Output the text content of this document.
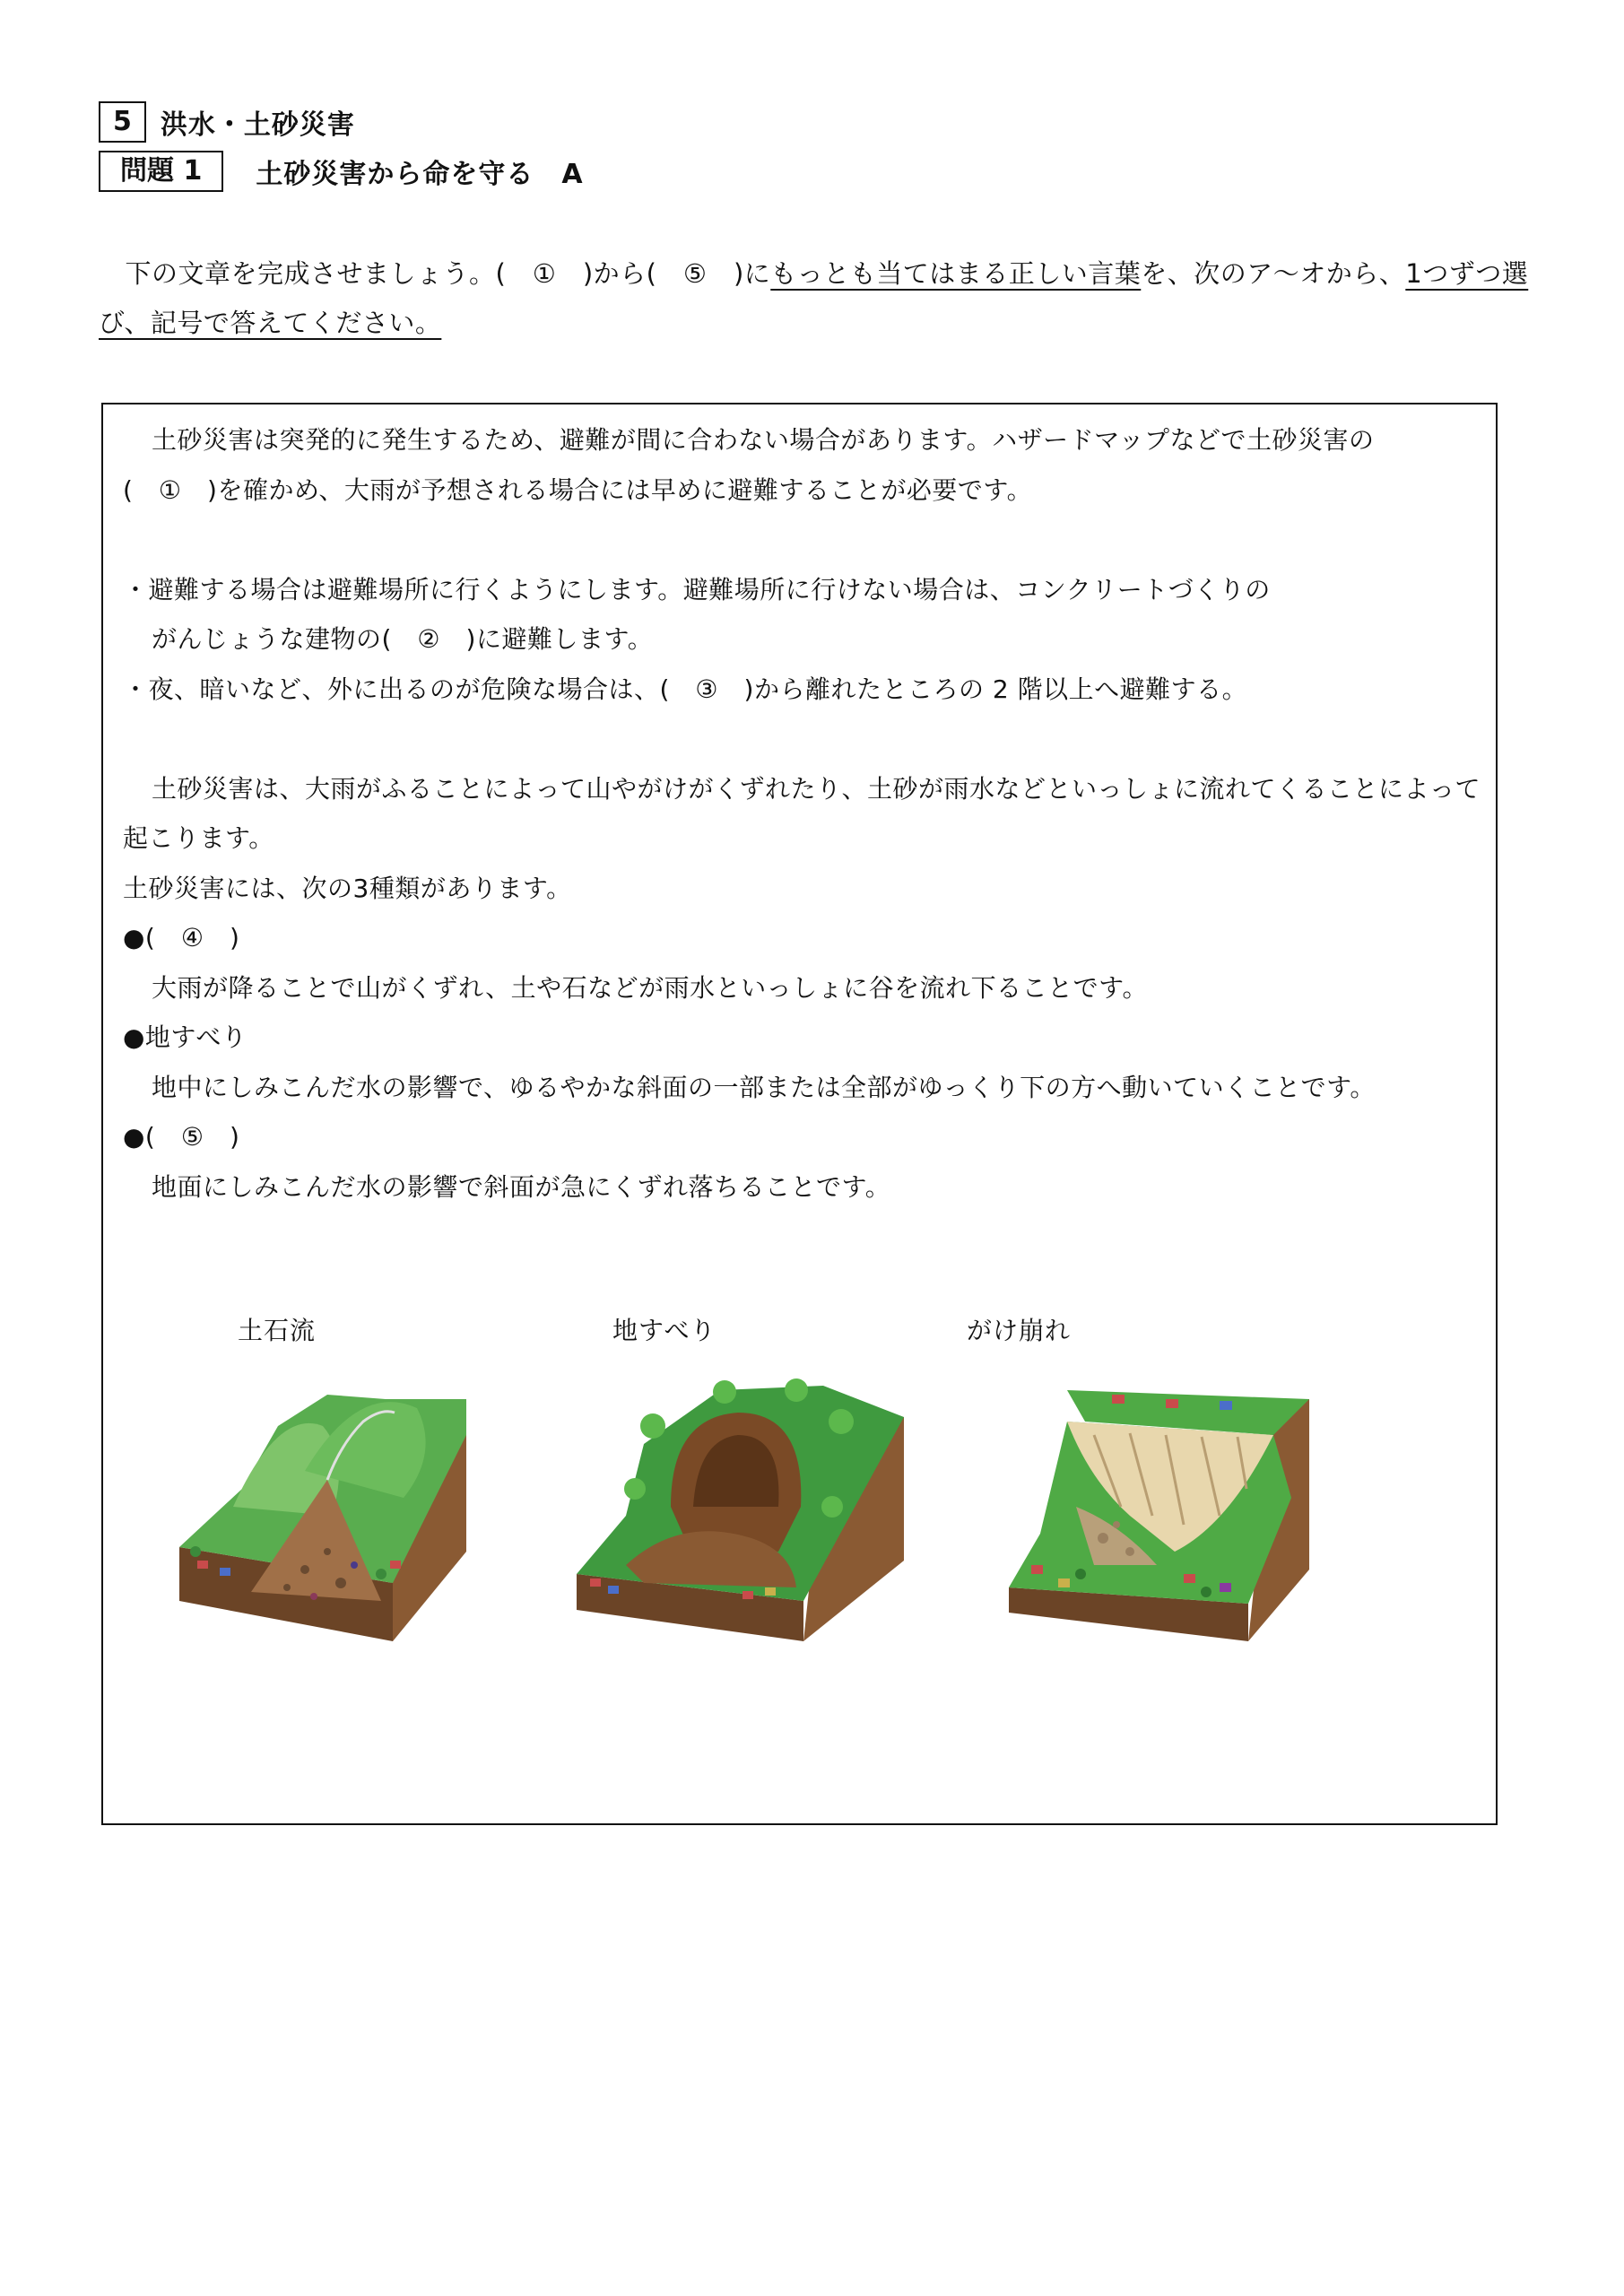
5	洪水・土砂災害
問題 1	土砂災害から命を守る　A
　下の文章を完成させましょう。(　①　)から(　⑤　)にもっとも当てはまる正しい言葉を、次のア～オから、1つずつ選び、記号で答えてください。

土砂災害は突発的に発生するため、避難が間に合わない場合があります。ハザードマップなどで土砂災害の

(　①　)を確かめ、大雨が予想される場合には早めに避難することが必要です。

・避難する場合は避難場所に行くようにします。避難場所に行けない場合は、コンクリートづくりの

がんじょうな建物の(　②　)に避難します。

・夜、暗いなど、外に出るのが危険な場合は、(　③　)から離れたところの 2 階以上へ避難する。

土砂災害は、大雨がふることによって山やがけがくずれたり、土砂が雨水などといっしょに流れてくることによって

起こります。

土砂災害には、次の3種類があります。

●(　④　)

大雨が降ることで山がくずれ、土や石などが雨水といっしょに谷を流れ下ることです。

●地すべり

地中にしみこんだ水の影響で、ゆるやかな斜面の一部または全部がゆっくり下の方へ動いていくことです。

●(　⑤　)

地面にしみこんだ水の影響で斜面が急にくずれ落ちることです。

土石流	地すべり	がけ崩れ
